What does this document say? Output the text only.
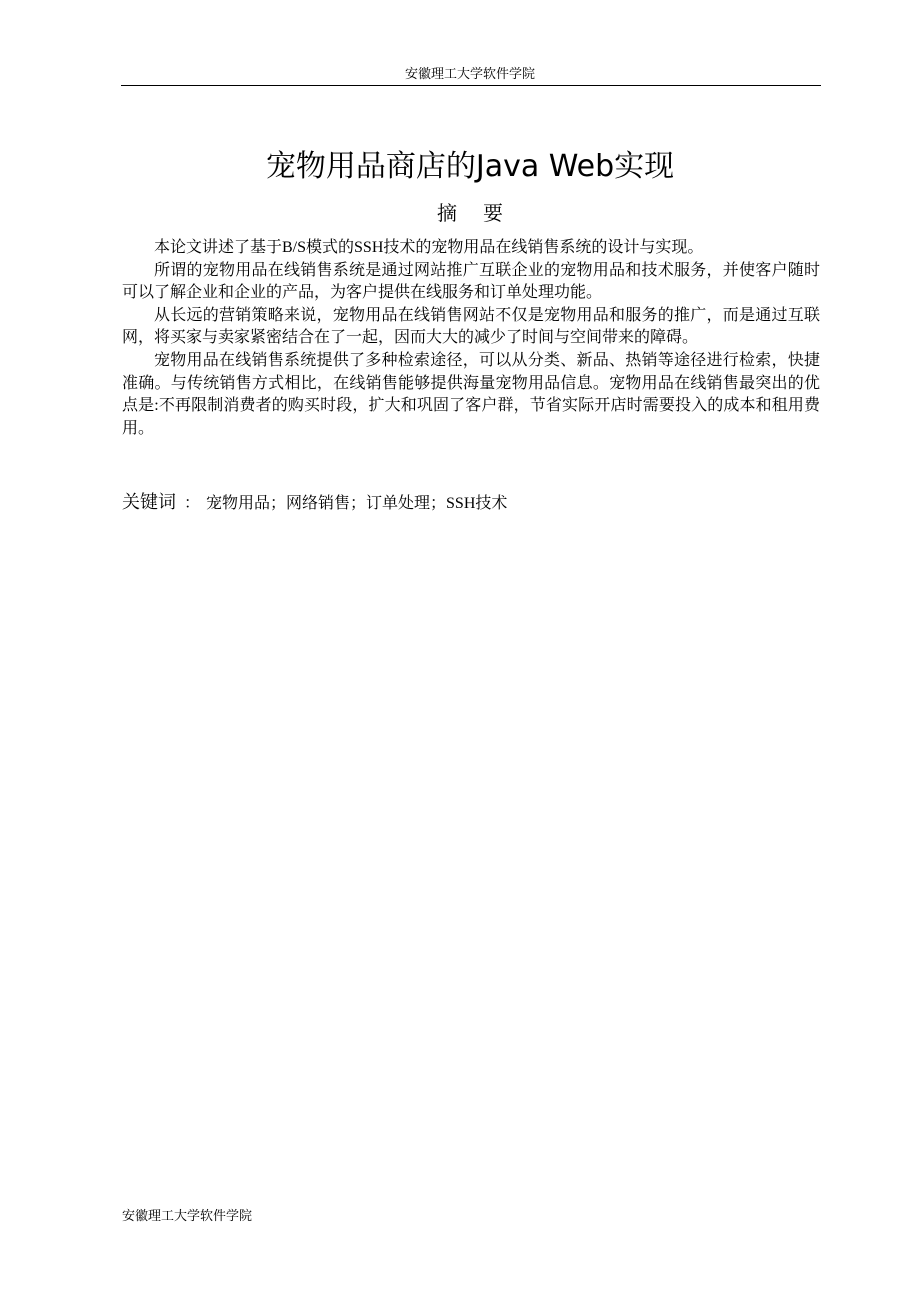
安徽理工大学软件学院
宠物用品商店的Java Web实现
摘要

本论文讲述了基于B/S模式的SSH技术的宠物用品在线销售系统的设计与实现。

所谓的宠物用品在线销售系统是通过网站推广互联企业的宠物用品和技术服务，并使客户随时可以了解企业和企业的产品，为客户提供在线服务和订单处理功能。

从长远的营销策略来说，宠物用品在线销售网站不仅是宠物用品和服务的推广，而是通过互联网，将买家与卖家紧密结合在了一起，因而大大的减少了时间与空间带来的障碍。

宠物用品在线销售系统提供了多种检索途径，可以从分类、新品、热销等途径进行检索，快捷准确。与传统销售方式相比，在线销售能够提供海量宠物用品信息。宠物用品在线销售最突出的优点是:不再限制消费者的购买时段，扩大和巩固了客户群，节省实际开店时需要投入的成本和租用费用。

关键词 ： 宠物用品；网络销售；订单处理；SSH技术
安徽理工大学软件学院
